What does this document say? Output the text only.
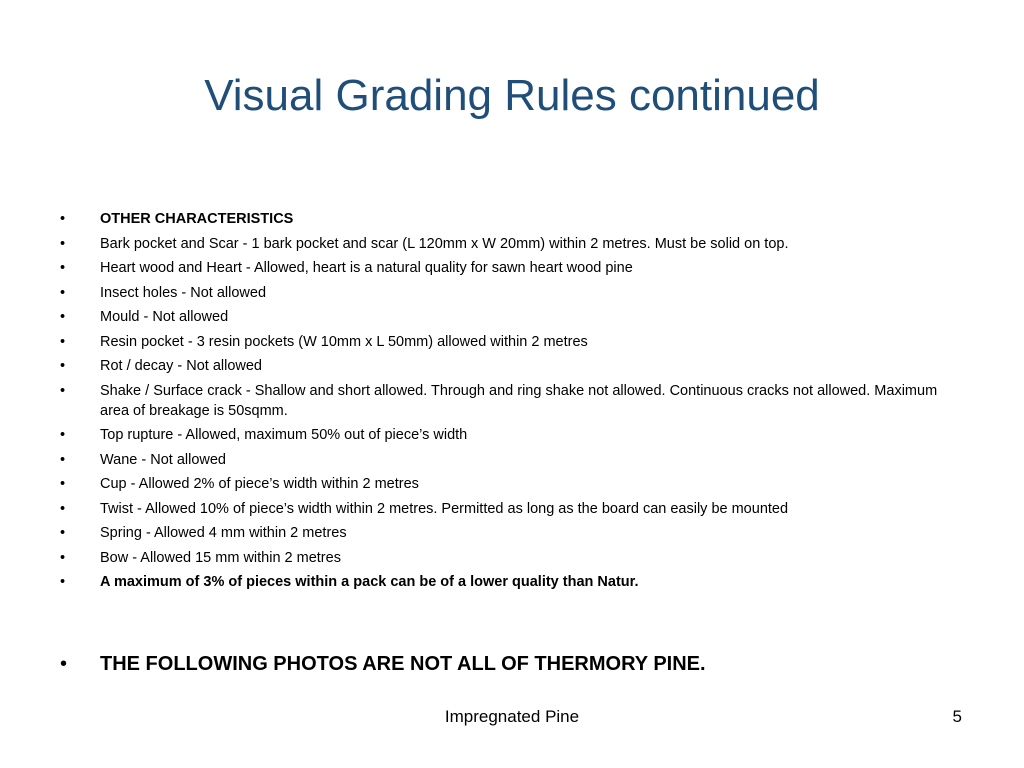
Visual Grading Rules continued
• OTHER CHARACTERISTICS
• Bark pocket and Scar - 1 bark pocket and scar (L 120mm x W 20mm) within 2 metres. Must be solid on top.
• Heart wood and Heart - Allowed, heart is a natural quality for sawn heart wood pine
• Insect holes - Not allowed
• Mould - Not allowed
• Resin pocket - 3 resin pockets (W 10mm x L 50mm) allowed within 2 metres
• Rot / decay - Not allowed
• Shake / Surface crack - Shallow and short allowed. Through and ring shake not allowed. Continuous cracks not allowed. Maximum area of breakage is 50sqmm.
• Top rupture - Allowed, maximum 50% out of piece’s width
• Wane - Not allowed
• Cup - Allowed 2% of piece’s width within 2 metres
• Twist - Allowed 10% of piece’s width within 2 metres. Permitted as long as the board can easily be mounted
• Spring - Allowed 4 mm within 2 metres
• Bow - Allowed 15 mm within 2 metres
• A maximum of 3% of pieces within a pack can be of a lower quality than Natur.
• THE FOLLOWING PHOTOS ARE NOT ALL OF THERMORY PINE.
Impregnated Pine	5
